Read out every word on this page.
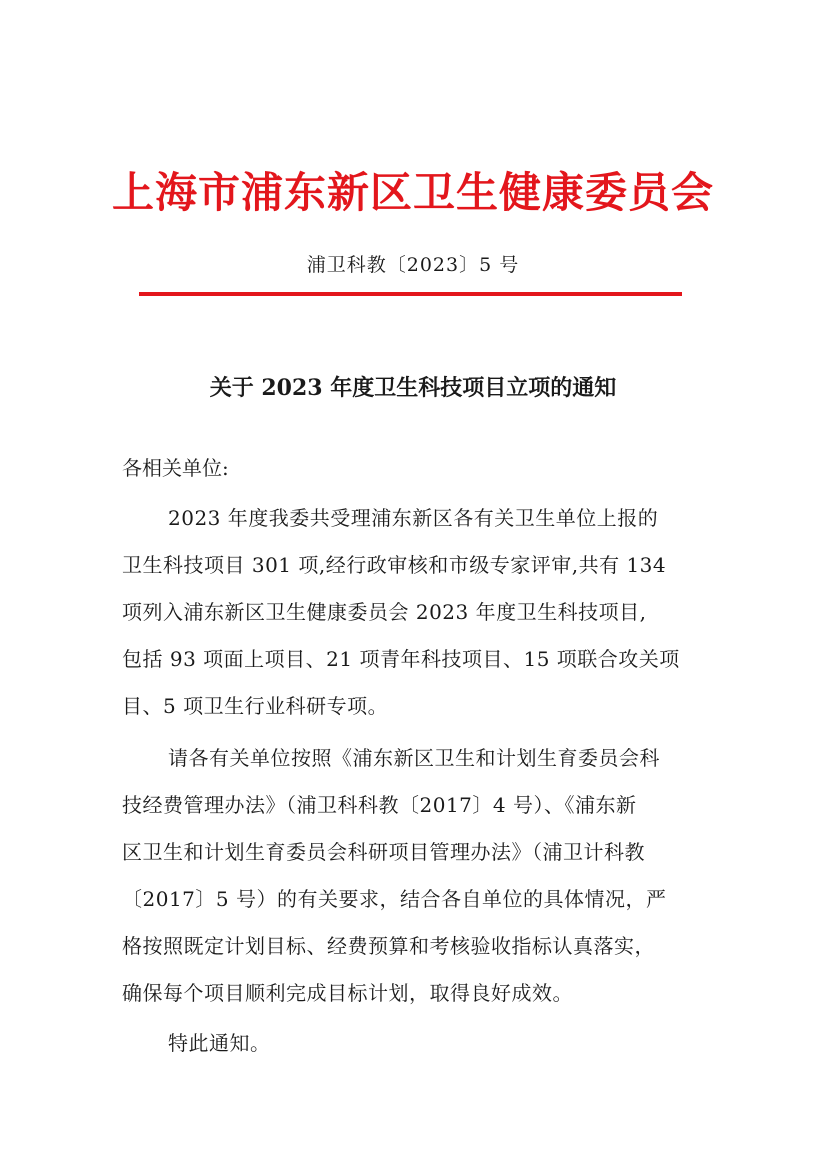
上海市浦东新区卫生健康委员会

浦卫科教〔2023〕5 号

关于 2023 年度卫生科技项目立项的通知

各相关单位:

2023 年度我委共受理浦东新区各有关卫生单位上报的

卫生科技项目 301 项,经行政审核和市级专家评审,共有 134

项列入浦东新区卫生健康委员会 2023 年度卫生科技项目,

包括 93 项面上项目、21 项青年科技项目、15 项联合攻关项

目、5 项卫生行业科研专项。

请各有关单位按照《浦东新区卫生和计划生育委员会科

技经费管理办法》（浦卫科科教〔2017〕4 号）、《浦东新

区卫生和计划生育委员会科研项目管理办法》（浦卫计科教

〔2017〕5 号）的有关要求，结合各自单位的具体情况，严

格按照既定计划目标、经费预算和考核验收指标认真落实，

确保每个项目顺利完成目标计划，取得良好成效。

特此通知。
